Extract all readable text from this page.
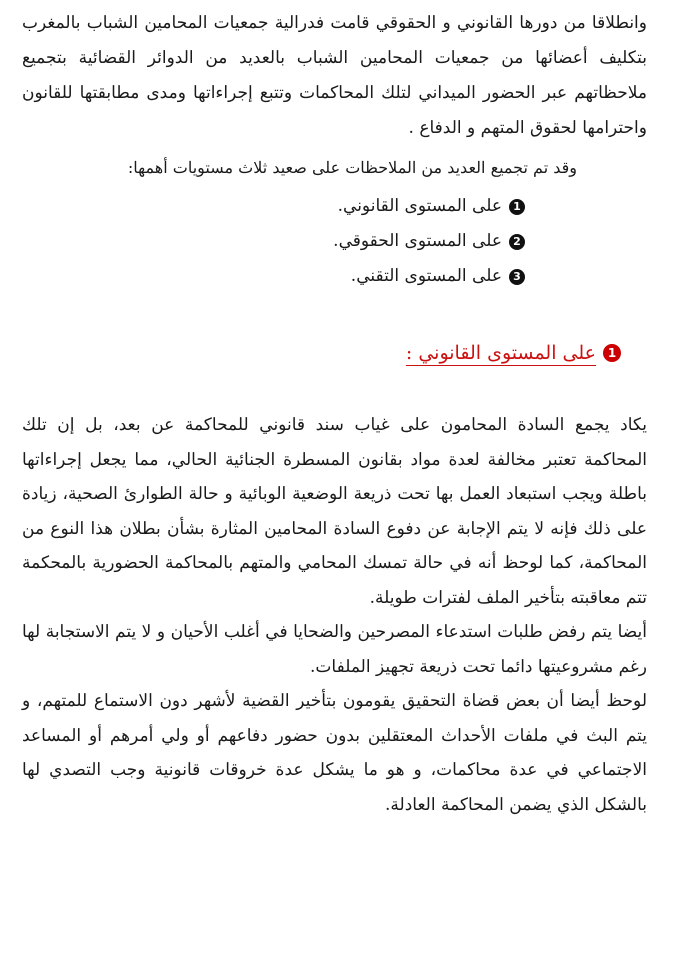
وانطلاقا من دورها القانوني و الحقوقي قامت فدرالية جمعيات المحامين الشباب بالمغرب بتكليف أعضائها من جمعيات المحامين الشباب بالعديد من الدوائر القضائية بتجميع ملاحظاتهم عبر الحضور الميداني لتلك المحاكمات وتتبع إجراءاتها ومدى مطابقتها للقانون واحترامها لحقوق المتهم و الدفاع .

وقد تم تجميع العديد من الملاحظات على صعيد ثلاث مستويات أهمها:

1
على المستوى القانوني.
2
على المستوى الحقوقي.
3
على المستوى التقني.
1
على المستوى القانوني :

يكاد يجمع السادة المحامون على غياب سند قانوني للمحاكمة عن بعد، بل إن تلك المحاكمة تعتبر مخالفة لعدة مواد بقانون المسطرة الجنائية الحالي، مما يجعل إجراءاتها باطلة ويجب استبعاد العمل بها تحت ذريعة الوضعية الوبائية و حالة الطوارئ الصحية، زيادة على ذلك فإنه لا يتم الإجابة عن دفوع السادة المحامين المثارة بشأن بطلان هذا النوع من المحاكمة، كما لوحظ أنه في حالة تمسك المحامي والمتهم بالمحاكمة الحضورية بالمحكمة تتم معاقبته بتأخير الملف لفترات طويلة.

أيضا يتم رفض طلبات استدعاء المصرحين والضحايا في أغلب الأحيان و لا يتم الاستجابة لها رغم مشروعيتها دائما تحت ذريعة تجهيز الملفات.

لوحظ أيضا أن بعض قضاة التحقيق يقومون بتأخير القضية لأشهر دون الاستماع للمتهم، و يتم البث في ملفات الأحداث المعتقلين بدون حضور دفاعهم أو ولي أمرهم أو المساعد الاجتماعي في عدة محاكمات، و هو ما يشكل عدة خروقات قانونية وجب التصدي لها بالشكل الذي يضمن المحاكمة العادلة.
